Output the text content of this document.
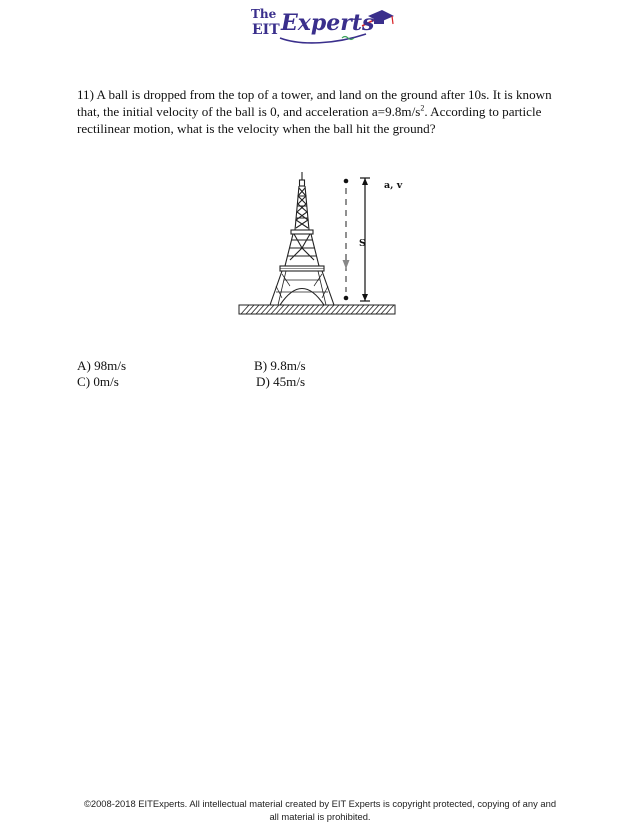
The
EIT Experts
11) A ball is dropped from the top of a tower, and land on the ground after 10s. It is known that, the initial velocity of the ball is 0, and acceleration $a=9.8m/s^2$. According to particle rectilinear motion, what is the velocity when the ball hit the ground?
a, v
S
A) 98m/s	B) 9.8m/s
C) 0m/s	D) 45m/s
©2008-2018 EITExperts. All intellectual material created by EIT Experts is copyright protected, copying of any and
all material is prohibited.
